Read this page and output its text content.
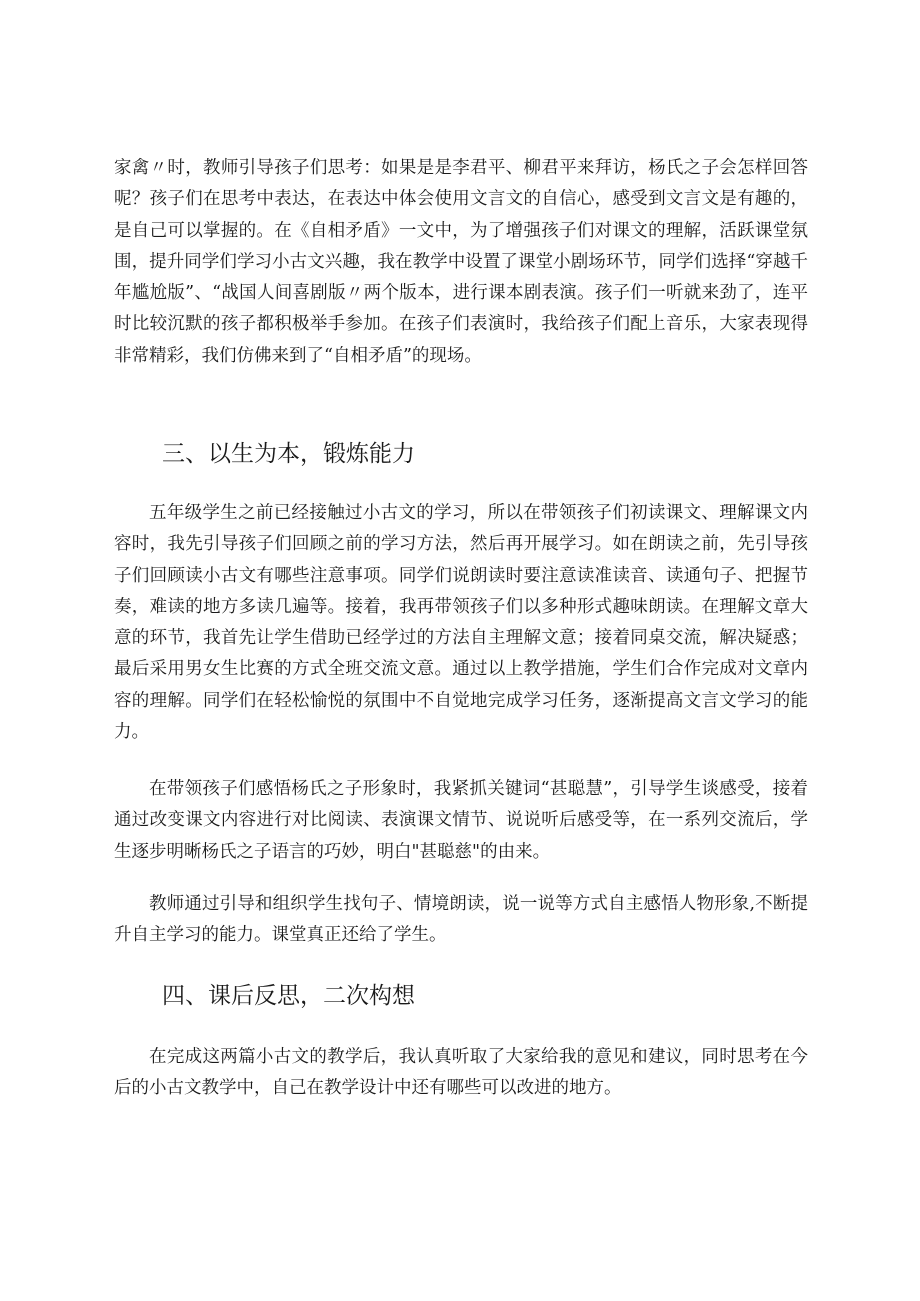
家禽〃时，教师引导孩子们思考：如果是是李君平、柳君平来拜访，杨氏之子会怎样回答呢？孩子们在思考中表达，在表达中体会使用文言文的自信心，感受到文言文是有趣的，是自己可以掌握的。在《自相矛盾》一文中，为了增强孩子们对课文的理解，活跃课堂氛围，提升同学们学习小古文兴趣，我在教学中设置了课堂小剧场环节，同学们选择“穿越千年尴尬版”、“战国人间喜剧版〃两个版本，进行课本剧表演。孩子们一听就来劲了，连平时比较沉默的孩子都积极举手参加。在孩子们表演时，我给孩子们配上音乐，大家表现得非常精彩，我们仿佛来到了“自相矛盾”的现场。

三、以生为本，锻炼能力

五年级学生之前已经接触过小古文的学习，所以在带领孩子们初读课文、理解课文内容时，我先引导孩子们回顾之前的学习方法，然后再开展学习。如在朗读之前，先引导孩子们回顾读小古文有哪些注意事项。同学们说朗读时要注意读准读音、读通句子、把握节奏，难读的地方多读几遍等。接着，我再带领孩子们以多种形式趣味朗读。在理解文章大意的环节，我首先让学生借助已经学过的方法自主理解文意；接着同桌交流，解决疑惑；最后采用男女生比赛的方式全班交流文意。通过以上教学措施，学生们合作完成对文章内容的理解。同学们在轻松愉悦的氛围中不自觉地完成学习任务，逐渐提高文言文学习的能力。

在带领孩子们感悟杨氏之子形象时，我紧抓关键词“甚聪慧”，引导学生谈感受，接着通过改变课文内容进行对比阅读、表演课文情节、说说听后感受等，在一系列交流后，学生逐步明晰杨氏之子语言的巧妙，明白"甚聪慈"的由来。

教师通过引导和组织学生找句子、情境朗读，说一说等方式自主感悟人物形象,不断提升自主学习的能力。课堂真正还给了学生。

四、课后反思，二次构想

在完成这两篇小古文的教学后，我认真听取了大家给我的意见和建议，同时思考在今后的小古文教学中，自己在教学设计中还有哪些可以改进的地方。
